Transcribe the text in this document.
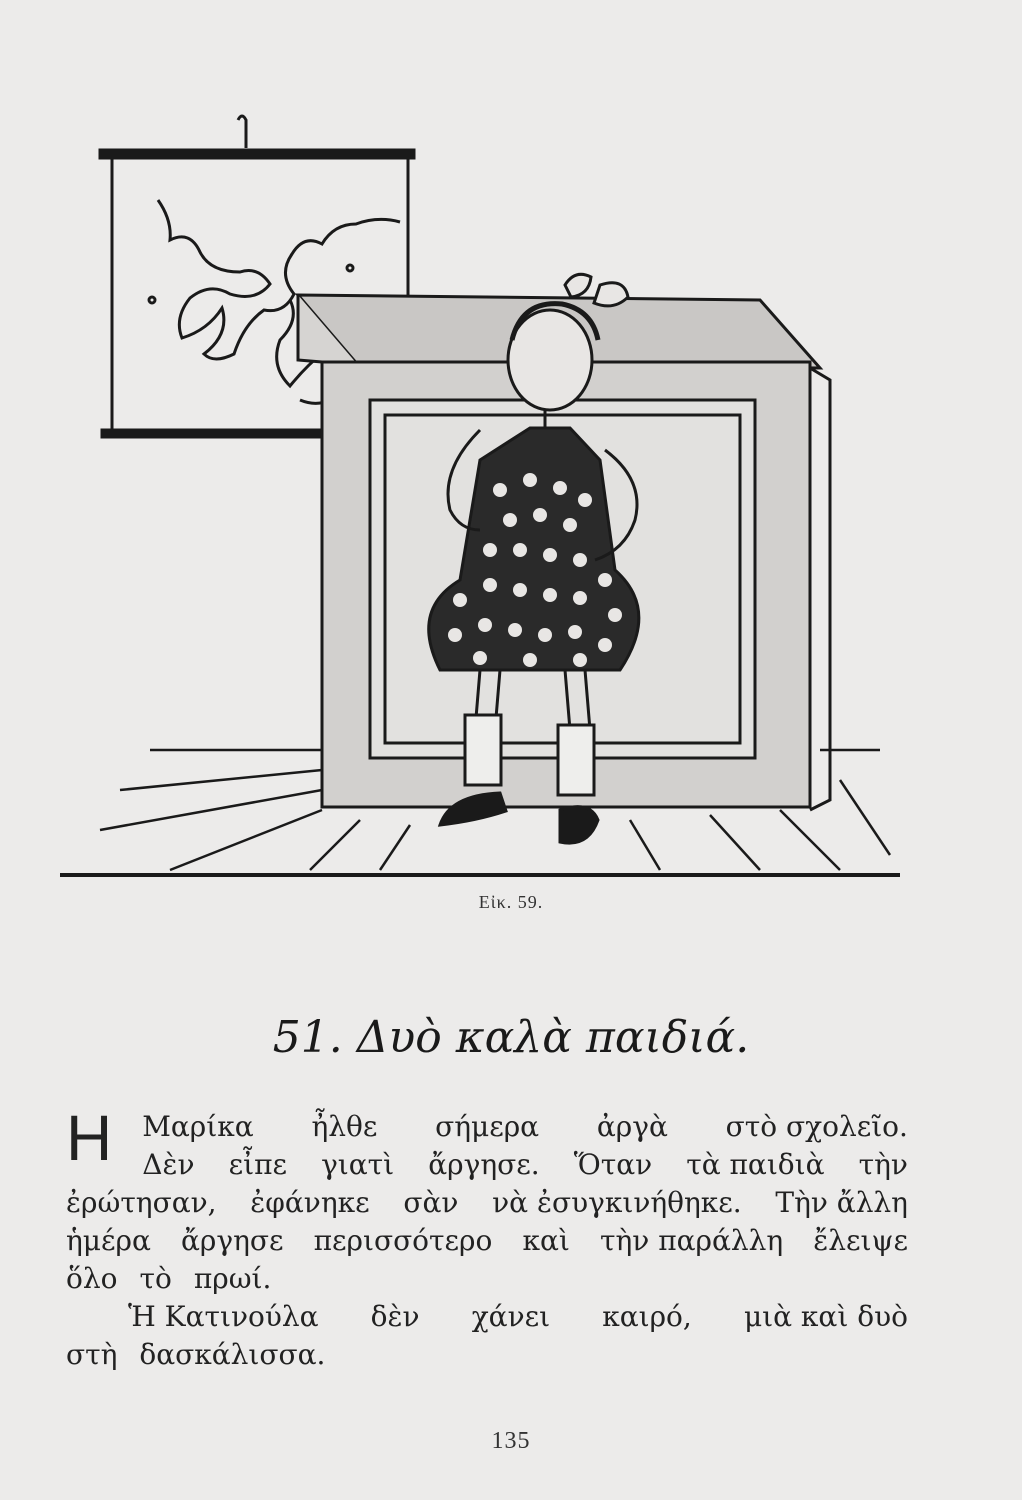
Εἰκ. 59.
51. Δυὸ καλὰ παιδιά.
Η Μαρίκα ἦλθε σήμερα ἀργὰ στὸ σχολεῖο.
Δὲν εἶπε γιατὶ ἄργησε. Ὅταν τὰ παιδιὰ τὴν
ἐρώτησαν, ἐφάνηκε σὰν νὰ ἐσυγκινήθηκε. Τὴν ἄλλη
ἡμέρα ἄργησε περισσότερο καὶ τὴν παράλλη ἔλειψε
ὅλο τὸ πρωί.
Ἡ Κατινούλα δὲν χάνει καιρό, μιὰ καὶ δυὸ
στὴ δασκάλισσα.
135
